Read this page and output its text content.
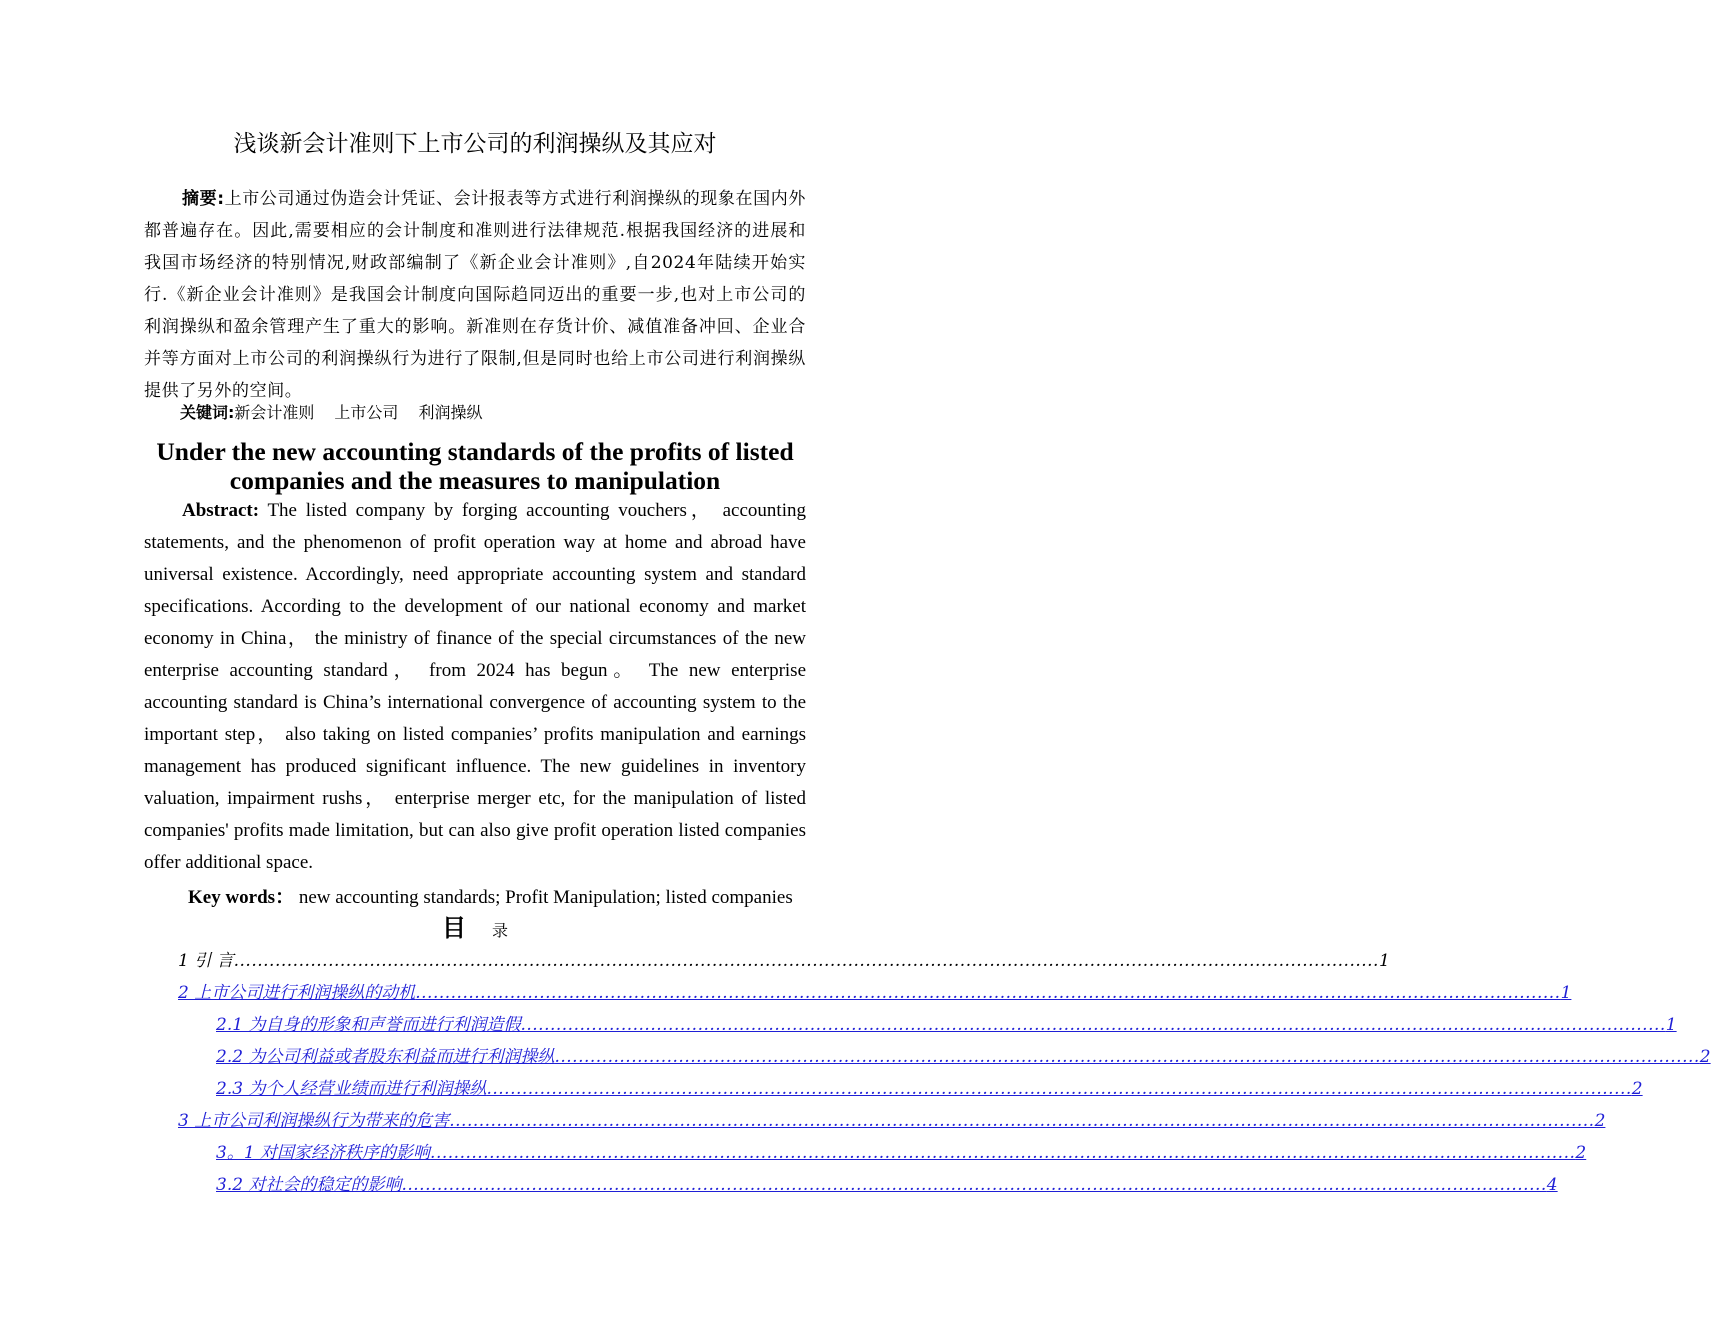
浅谈新会计准则下上市公司的利润操纵及其应对
摘要:上市公司通过伪造会计凭证、会计报表等方式进行利润操纵的现象在国内外都普遍存在。因此,需要相应的会计制度和准则进行法律规范.根据我国经济的进展和我国市场经济的特别情况,财政部编制了《新企业会计准则》,自2024年陆续开始实行.《新企业会计准则》是我国会计制度向国际趋同迈出的重要一步,也对上市公司的利润操纵和盈余管理产生了重大的影响。新准则在存货计价、减值准备冲回、企业合并等方面对上市公司的利润操纵行为进行了限制,但是同时也给上市公司进行利润操纵提供了另外的空间。
关键词:新会计准则 上市公司 利润操纵
Under the new accounting standards of the profits of listed companies and the measures to manipulation
Abstract: The listed company by forging accounting vouchers， accounting statements, and the phenomenon of profit operation way at home and abroad have universal existence. Accordingly, need appropriate accounting system and standard specifications. According to the development of our national economy and market economy in China， the ministry of finance of the special circumstances of the new enterprise accounting standard， from 2024 has begun。 The new enterprise accounting standard is China’s international convergence of accounting system to the important step， also taking on listed companies’ profits manipulation and earnings management has produced significant influence. The new guidelines in inventory valuation, impairment rushs， enterprise merger etc, for the manipulation of listed companies' profits made limitation, but can also give profit operation listed companies offer additional space.
Key words： new accounting standards; Profit Manipulation; listed companies
目 录
1 引 言 .................................................................................................................................................................................................. 1
2 上市公司进行利润操纵的动机 .................................................................................................................................................................................................. 1
2.1 为自身的形象和声誉而进行利润造假 .................................................................................................................................................................................................. 1
2.2 为公司利益或者股东利益而进行利润操纵 .................................................................................................................................................................................................. 2
2.3 为个人经营业绩而进行利润操纵 .................................................................................................................................................................................................. 2
3 上市公司利润操纵行为带来的危害 .................................................................................................................................................................................................. 2
3。1 对国家经济秩序的影响 .................................................................................................................................................................................................. 2
3.2 对社会的稳定的影响 .................................................................................................................................................................................................. 4
